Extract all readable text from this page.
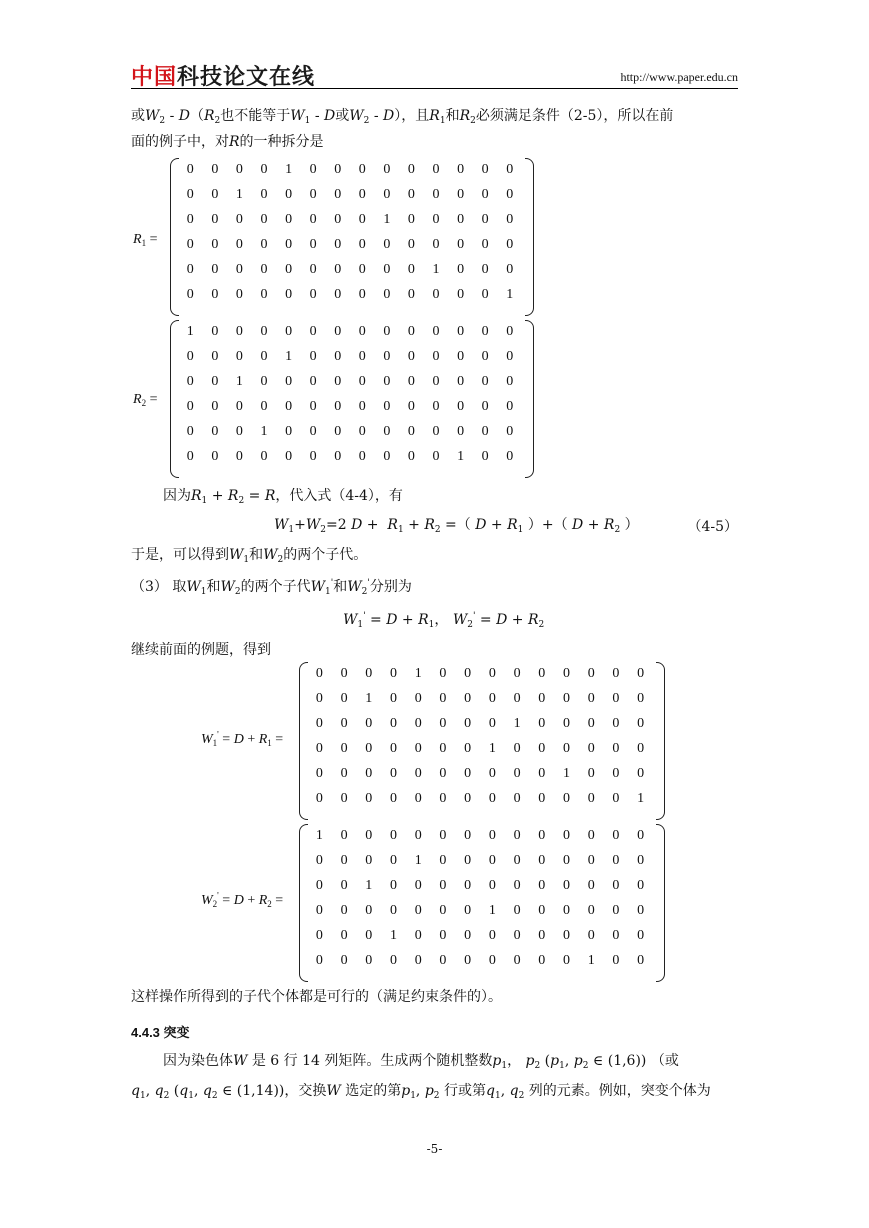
中国科技论文在线	http://www.paper.edu.cn
或$W_2 - D(R_2$也不能等于$W_1$ - D或$W_2 - D$），且$R_1$和$R_2$必须满足条件（2-5），所以在前
面的例子中，对R的一种拆分是
$R_1$ =
0 0 0 0 1 0 0 0 0 0 0 0 0 0
0 0 1 0 0 0 0 0 0 0 0 0 0 0
0 0 0 0 0 0 0 0 1 0 0 0 0 0
0 0 0 0 0 0 0 0 0 0 0 0 0 0
0 0 0 0 0 0 0 0 0 0 1 0 0 0
0 0 0 0 0 0 0 0 0 0 0 0 0 1
$R_2$ =
1 0 0 0 0 0 0 0 0 0 0 0 0 0
0 0 0 0 1 0 0 0 0 0 0 0 0 0
0 0 1 0 0 0 0 0 0 0 0 0 0 0
0 0 0 0 0 0 0 0 0 0 0 0 0 0
0 0 0 1 0 0 0 0 0 0 0 0 0 0
0 0 0 0 0 0 0 0 0 0 0 1 0 0
因为$R_1 + R_2 = R$，代入式（4-4），有
$W_1+W_2=2$ $D + R_1 + R_2$ =（ $D + R_1$ ）+（ $D + R_2$ ）	（4-5）
于是，可以得到$W_1$和$W_2$的两个子代。
（3） 取$W_1$和$W_2$的两个子代$W_1'$和$W_2'$分别为
$W_1' = D + R_1$， $W_2' = D + R_2$
继续前面的例题，得到
$W_1' = D + R_1$ =
0 0 0 0 1 0 0 0 0 0 0 0 0 0
0 0 1 0 0 0 0 0 0 0 0 0 0 0
0 0 0 0 0 0 0 0 1 0 0 0 0 0
0 0 0 0 0 0 0 1 0 0 0 0 0 0
0 0 0 0 0 0 0 0 0 0 1 0 0 0
0 0 0 0 0 0 0 0 0 0 0 0 0 1
$W_2' = D + R_2$ =
1 0 0 0 0 0 0 0 0 0 0 0 0 0
0 0 0 0 1 0 0 0 0 0 0 0 0 0
0 0 1 0 0 0 0 0 0 0 0 0 0 0
0 0 0 0 0 0 0 1 0 0 0 0 0 0
0 0 0 1 0 0 0 0 0 0 0 0 0 0
0 0 0 0 0 0 0 0 0 0 0 1 0 0
这样操作所得到的子代个体都是可行的（满足约束条件的）。
4.4.3 突变
因为染色体W 是 6 行 14 列矩阵。生成两个随机整数$p_1$， $p_2$ ($p_1$, $p_2$ ∈ (1,6)) （或
$q_1$, $q_2$ ($q_1$, $q_2$ ∈ (1,14))，交换W 选定的第$p_1$, $p_2$ 行或第$q_1$, $q_2$ 列的元素。例如，突变个体为
-5-
